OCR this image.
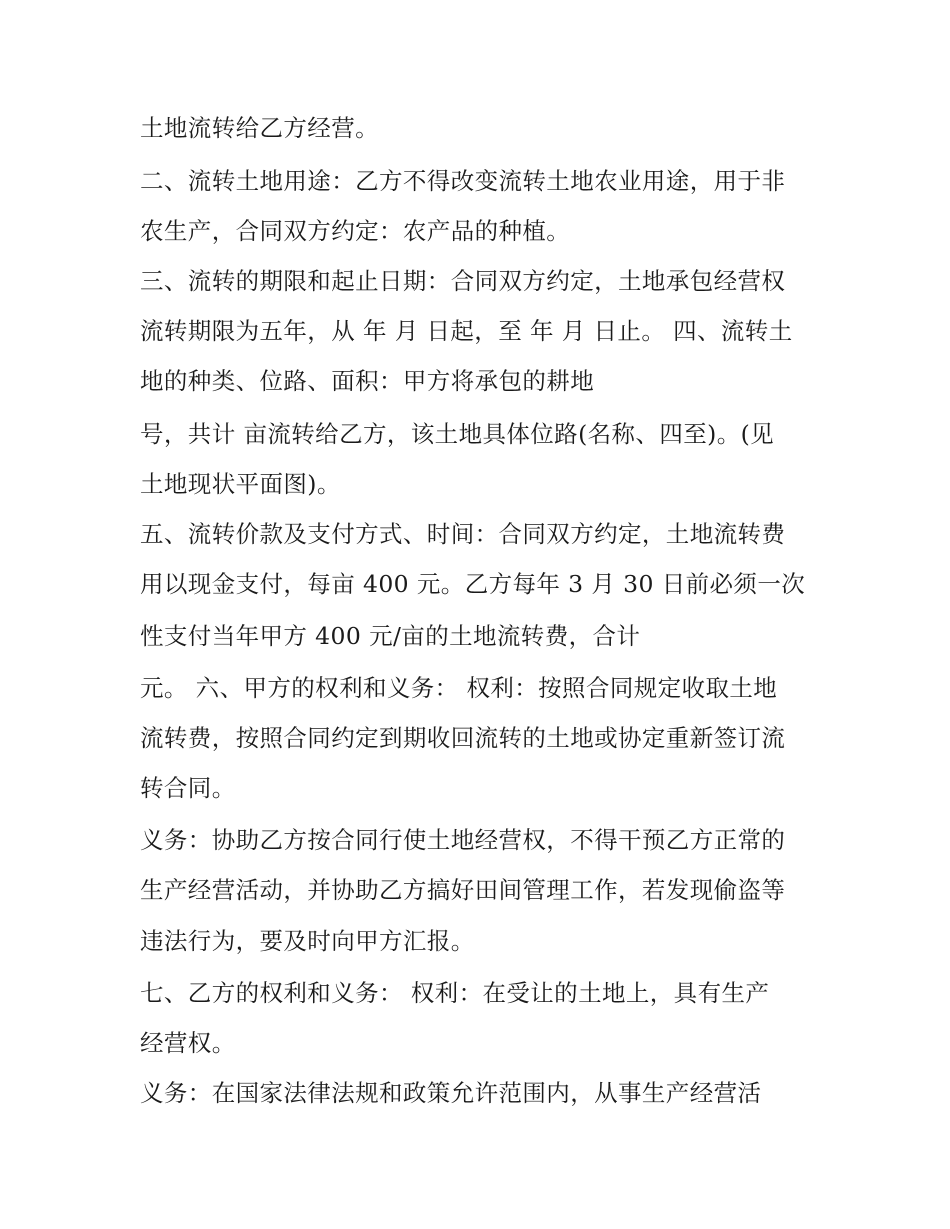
土地流转给乙方经营。

二、流转土地用途：乙方不得改变流转土地农业用途，用于非

农生产，合同双方约定：农产品的种植。

三、流转的期限和起止日期：合同双方约定，土地承包经营权

流转期限为五年，从 年 月 日起，至 年 月 日止。 四、流转土

地的种类、位路、面积：甲方将承包的耕地

号，共计 亩流转给乙方，该土地具体位路(名称、四至)。(见

土地现状平面图)。

五、流转价款及支付方式、时间：合同双方约定，土地流转费

用以现金支付，每亩 400 元。乙方每年 3 月 30 日前必须一次

性支付当年甲方 400 元/亩的土地流转费，合计

元。 六、甲方的权利和义务： 权利：按照合同规定收取土地

流转费，按照合同约定到期收回流转的土地或协定重新签订流

转合同。

义务：协助乙方按合同行使土地经营权，不得干预乙方正常的

生产经营活动，并协助乙方搞好田间管理工作，若发现偷盗等

违法行为，要及时向甲方汇报。

七、乙方的权利和义务： 权利：在受让的土地上，具有生产

经营权。

义务：在国家法律法规和政策允许范围内，从事生产经营活
